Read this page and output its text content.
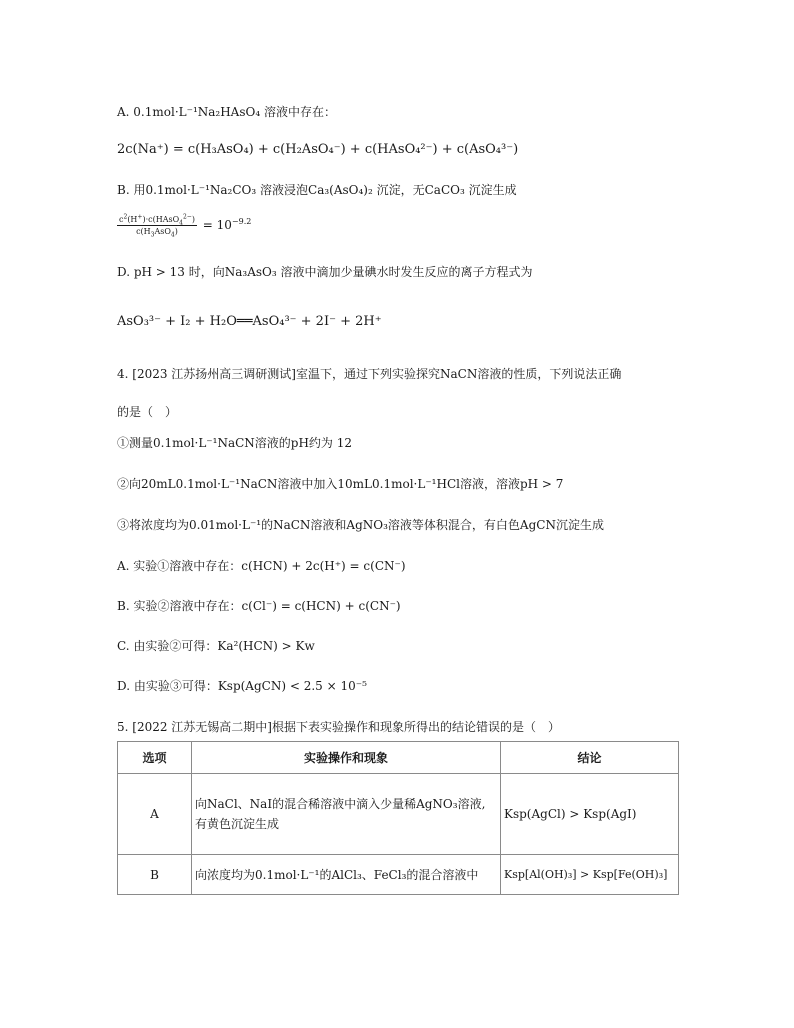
A. 0.1mol·L⁻¹Na₂HAsO₄ 溶液中存在：
2c(Na⁺) = c(H₃AsO₄) + c(H₂AsO₄⁻) + c(HAsO₄²⁻) + c(AsO₄³⁻)
B. 用0.1mol·L⁻¹Na₂CO₃ 溶液浸泡Ca₃(AsO₄)₂ 沉淀，无CaCO₃ 沉淀生成
$\frac{c^2(H^+)\cdot c(HAsO_4^{2-})}{c(H_3AsO_4)} = 10^{-9.2}$
D. pH > 13 时，向Na₃AsO₃ 溶液中滴加少量碘水时发生反应的离子方程式为
AsO₃³⁻ + I₂ + H₂O══AsO₄³⁻ + 2I⁻ + 2H⁺
4. [2023 江苏扬州高三调研测试]室温下，通过下列实验探究NaCN溶液的性质，下列说法正确
的是（　）
①测量0.1mol·L⁻¹NaCN溶液的pH约为 12
②向20mL0.1mol·L⁻¹NaCN溶液中加入10mL0.1mol·L⁻¹HCl溶液，溶液pH > 7
③将浓度均为0.01mol·L⁻¹的NaCN溶液和AgNO₃溶液等体积混合，有白色AgCN沉淀生成
A. 实验①溶液中存在：c(HCN) + 2c(H⁺) = c(CN⁻)
B. 实验②溶液中存在：c(Cl⁻) = c(HCN) + c(CN⁻)
C. 由实验②可得：Ka²(HCN) > Kw
D. 由实验③可得：Ksp(AgCN) < 2.5 × 10⁻⁵
5. [2022 江苏无锡高二期中]根据下表实验操作和现象所得出的结论错误的是（　）
选项	实验操作和现象	结论
A	向NaCl、NaI的混合稀溶液中滴入少量稀AgNO₃溶液,有黄色沉淀生成	Ksp(AgCl) > Ksp(AgI)
B	向浓度均为0.1mol·L⁻¹的AlCl₃、FeCl₃的混合溶液中	Ksp[Al(OH)₃] > Ksp[Fe(OH)₃]
